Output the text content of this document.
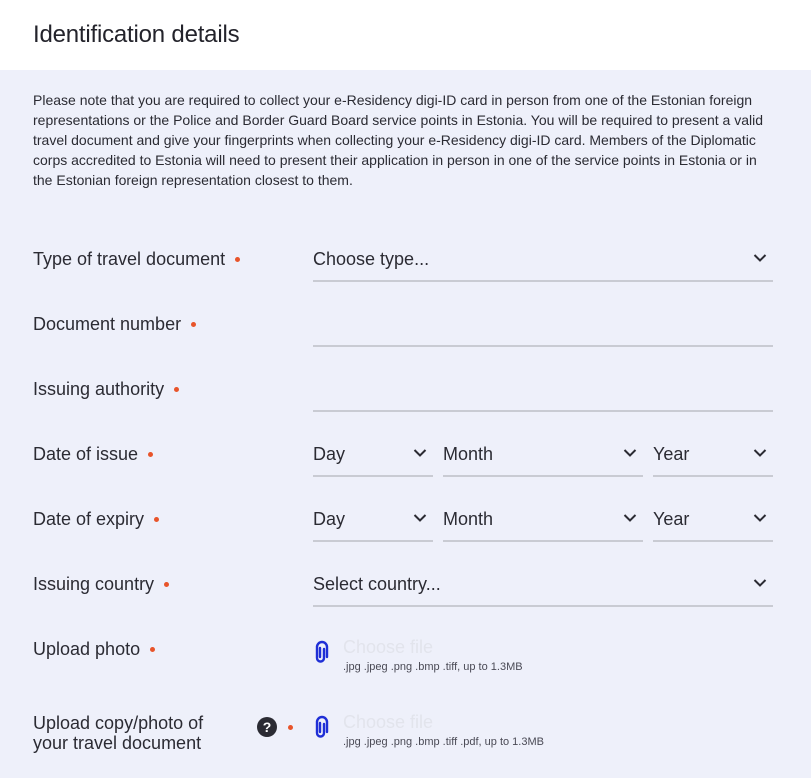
Identification details
Please note that you are required to collect your e-Residency digi-ID card in person from one of the Estonian foreign representations or the Police and Border Guard Board service points in Estonia. You will be required to present a valid travel document and give your fingerprints when collecting your e-Residency digi-ID card. Members of the Diplomatic corps accredited to Estonia will need to present their application in person in one of the service points in Estonia or in the Estonian foreign representation closest to them.
Type of travel document	Choose type...
Document number
Issuing authority
Date of issue	Day	Month	Year
Date of expiry	Day	Month	Year
Issuing country	Select country...
Upload photo	Choose file
.jpg .jpeg .png .bmp .tiff, up to 1.3MB
Upload copy/photo of
your travel document
?	Choose file
.jpg .jpeg .png .bmp .tiff .pdf, up to 1.3MB
